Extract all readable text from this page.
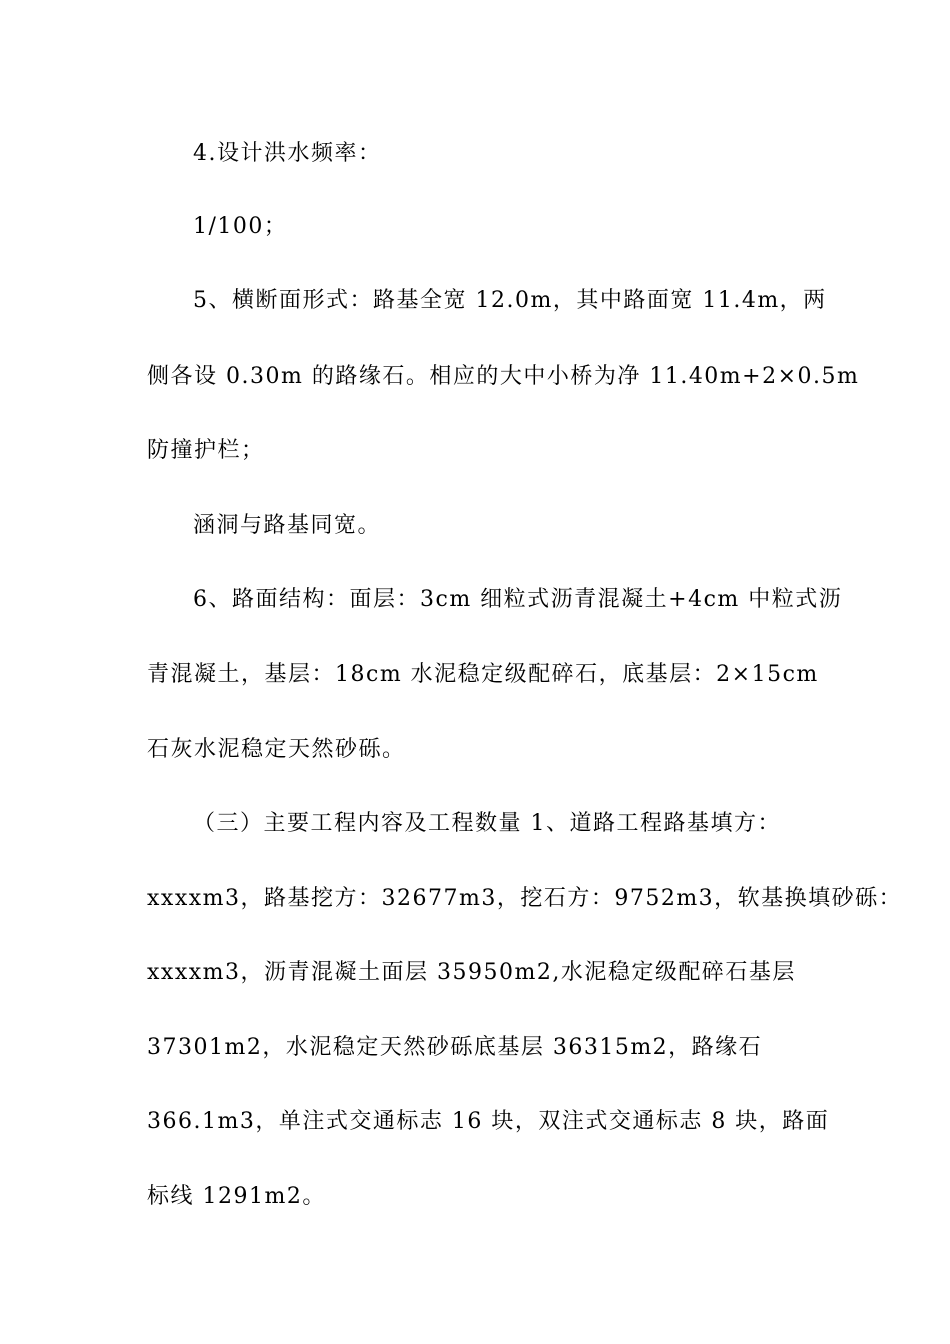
4.设计洪水频率：
1/100；
5、横断面形式：路基全宽 12.0m，其中路面宽 11.4m，两
侧各设 0.30m 的路缘石。相应的大中小桥为净 11.40m+2×0.5m
防撞护栏；
涵洞与路基同宽。
6、路面结构：面层：3cm 细粒式沥青混凝土+4cm 中粒式沥
青混凝土，基层：18cm 水泥稳定级配碎石，底基层：2×15cm
石灰水泥稳定天然砂砾。
（三）主要工程内容及工程数量 1、道路工程路基填方：
xxxxm3，路基挖方：32677m3，挖石方：9752m3，软基换填砂砾：
xxxxm3，沥青混凝土面层 35950m2,水泥稳定级配碎石基层
37301m2，水泥稳定天然砂砾底基层 36315m2，路缘石
366.1m3，单注式交通标志 16 块，双注式交通标志 8 块，路面
标线 1291m2。
